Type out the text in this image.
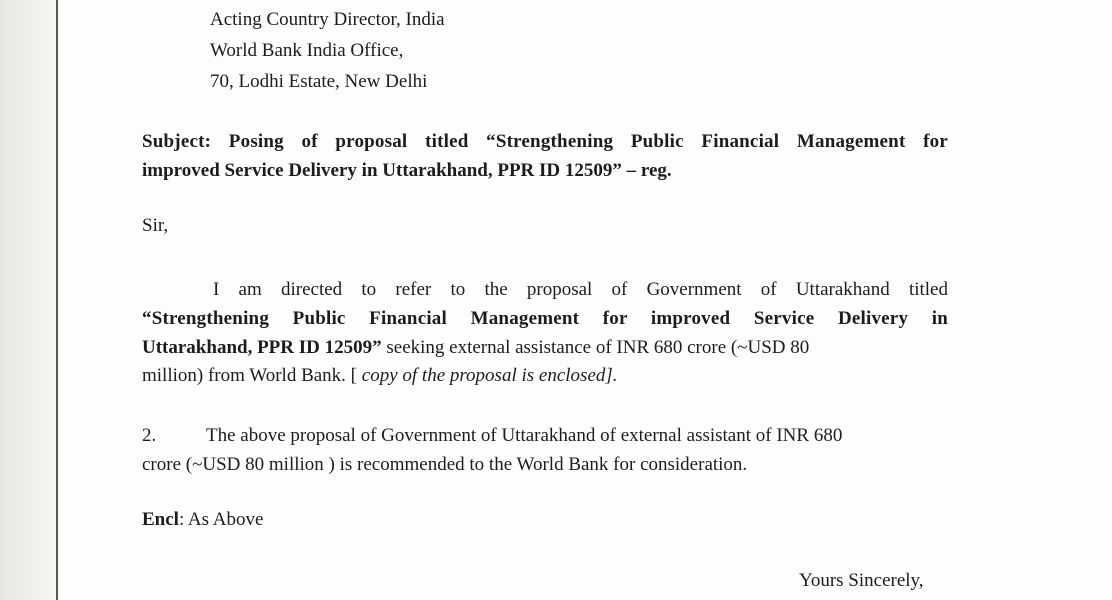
Acting Country Director, India
World Bank India Office,
70, Lodhi Estate, New Delhi
Subject: Posing of proposal titled “Strengthening Public Financial Management for
improved Service Delivery in Uttarakhand, PPR ID 12509” – reg.
Sir,
I am directed to refer to the proposal of Government of Uttarakhand titled
“Strengthening Public Financial Management for improved Service Delivery in
Uttarakhand, PPR ID 12509” seeking external assistance of INR 680 crore (~USD 80
million) from World Bank. [ copy of the proposal is enclosed].
2.	The above proposal of Government of Uttarakhand of external assistant of INR 680
crore (~USD 80 million ) is recommended to the World Bank for consideration.
Encl: As Above
Yours Sincerely,
